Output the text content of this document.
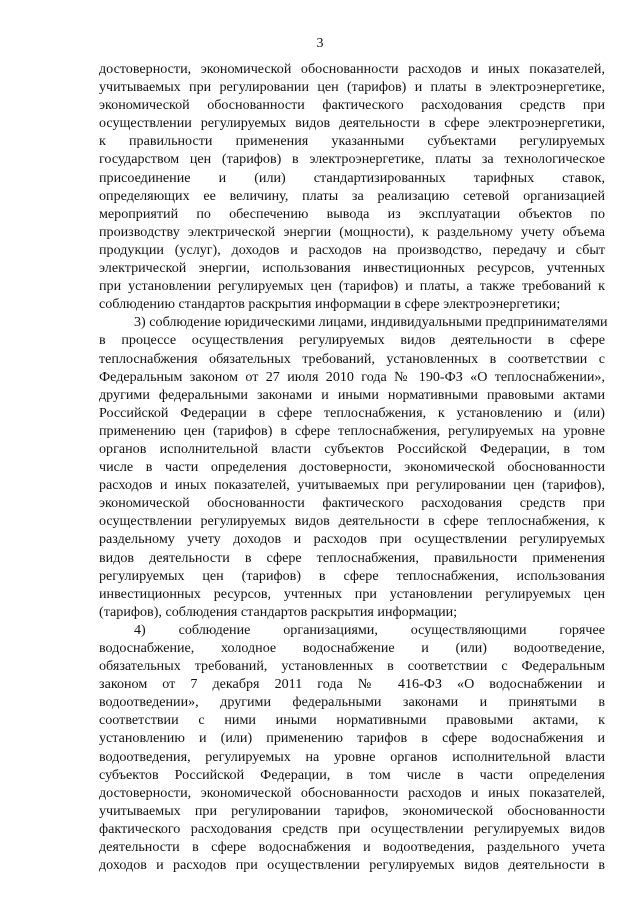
3
достоверности, экономической обоснованности расходов и иных показателей,
учитываемых при регулировании цен (тарифов) и платы в электроэнергетике,
экономической обоснованности фактического расходования средств при
осуществлении регулируемых видов деятельности в сфере электроэнергетики,
к правильности применения указанными субъектами регулируемых
государством цен (тарифов) в электроэнергетике, платы за технологическое
присоединение и (или) стандартизированных тарифных ставок,
определяющих ее величину, платы за реализацию сетевой организацией
мероприятий по обеспечению вывода из эксплуатации объектов по
производству электрической энергии (мощности), к раздельному учету объема
продукции (услуг), доходов и расходов на производство, передачу и сбыт
электрической энергии, использования инвестиционных ресурсов, учтенных
при установлении регулируемых цен (тарифов) и платы, а также требований к
соблюдению стандартов раскрытия информации в сфере электроэнергетики;
3) соблюдение юридическими лицами, индивидуальными предпринимателями
в процессе осуществления регулируемых видов деятельности в сфере
теплоснабжения обязательных требований, установленных в соответствии с
Федеральным законом от 27 июля 2010 года № 190-ФЗ «О теплоснабжении»,
другими федеральными законами и иными нормативными правовыми актами
Российской Федерации в сфере теплоснабжения, к установлению и (или)
применению цен (тарифов) в сфере теплоснабжения, регулируемых на уровне
органов исполнительной власти субъектов Российской Федерации, в том
числе в части определения достоверности, экономической обоснованности
расходов и иных показателей, учитываемых при регулировании цен (тарифов),
экономической обоснованности фактического расходования средств при
осуществлении регулируемых видов деятельности в сфере теплоснабжения, к
раздельному учету доходов и расходов при осуществлении регулируемых
видов деятельности в сфере теплоснабжения, правильности применения
регулируемых цен (тарифов) в сфере теплоснабжения, использования
инвестиционных ресурсов, учтенных при установлении регулируемых цен
(тарифов), соблюдения стандартов раскрытия информации;
4) соблюдение организациями, осуществляющими горячее
водоснабжение, холодное водоснабжение и (или) водоотведение,
обязательных требований, установленных в соответствии с Федеральным
законом от 7 декабря 2011 года № 416-ФЗ «О водоснабжении и
водоотведении», другими федеральными законами и принятыми в
соответствии с ними иными нормативными правовыми актами, к
установлению и (или) применению тарифов в сфере водоснабжения и
водоотведения, регулируемых на уровне органов исполнительной власти
субъектов Российской Федерации, в том числе в части определения
достоверности, экономической обоснованности расходов и иных показателей,
учитываемых при регулировании тарифов, экономической обоснованности
фактического расходования средств при осуществлении регулируемых видов
деятельности в сфере водоснабжения и водоотведения, раздельного учета
доходов и расходов при осуществлении регулируемых видов деятельности в
